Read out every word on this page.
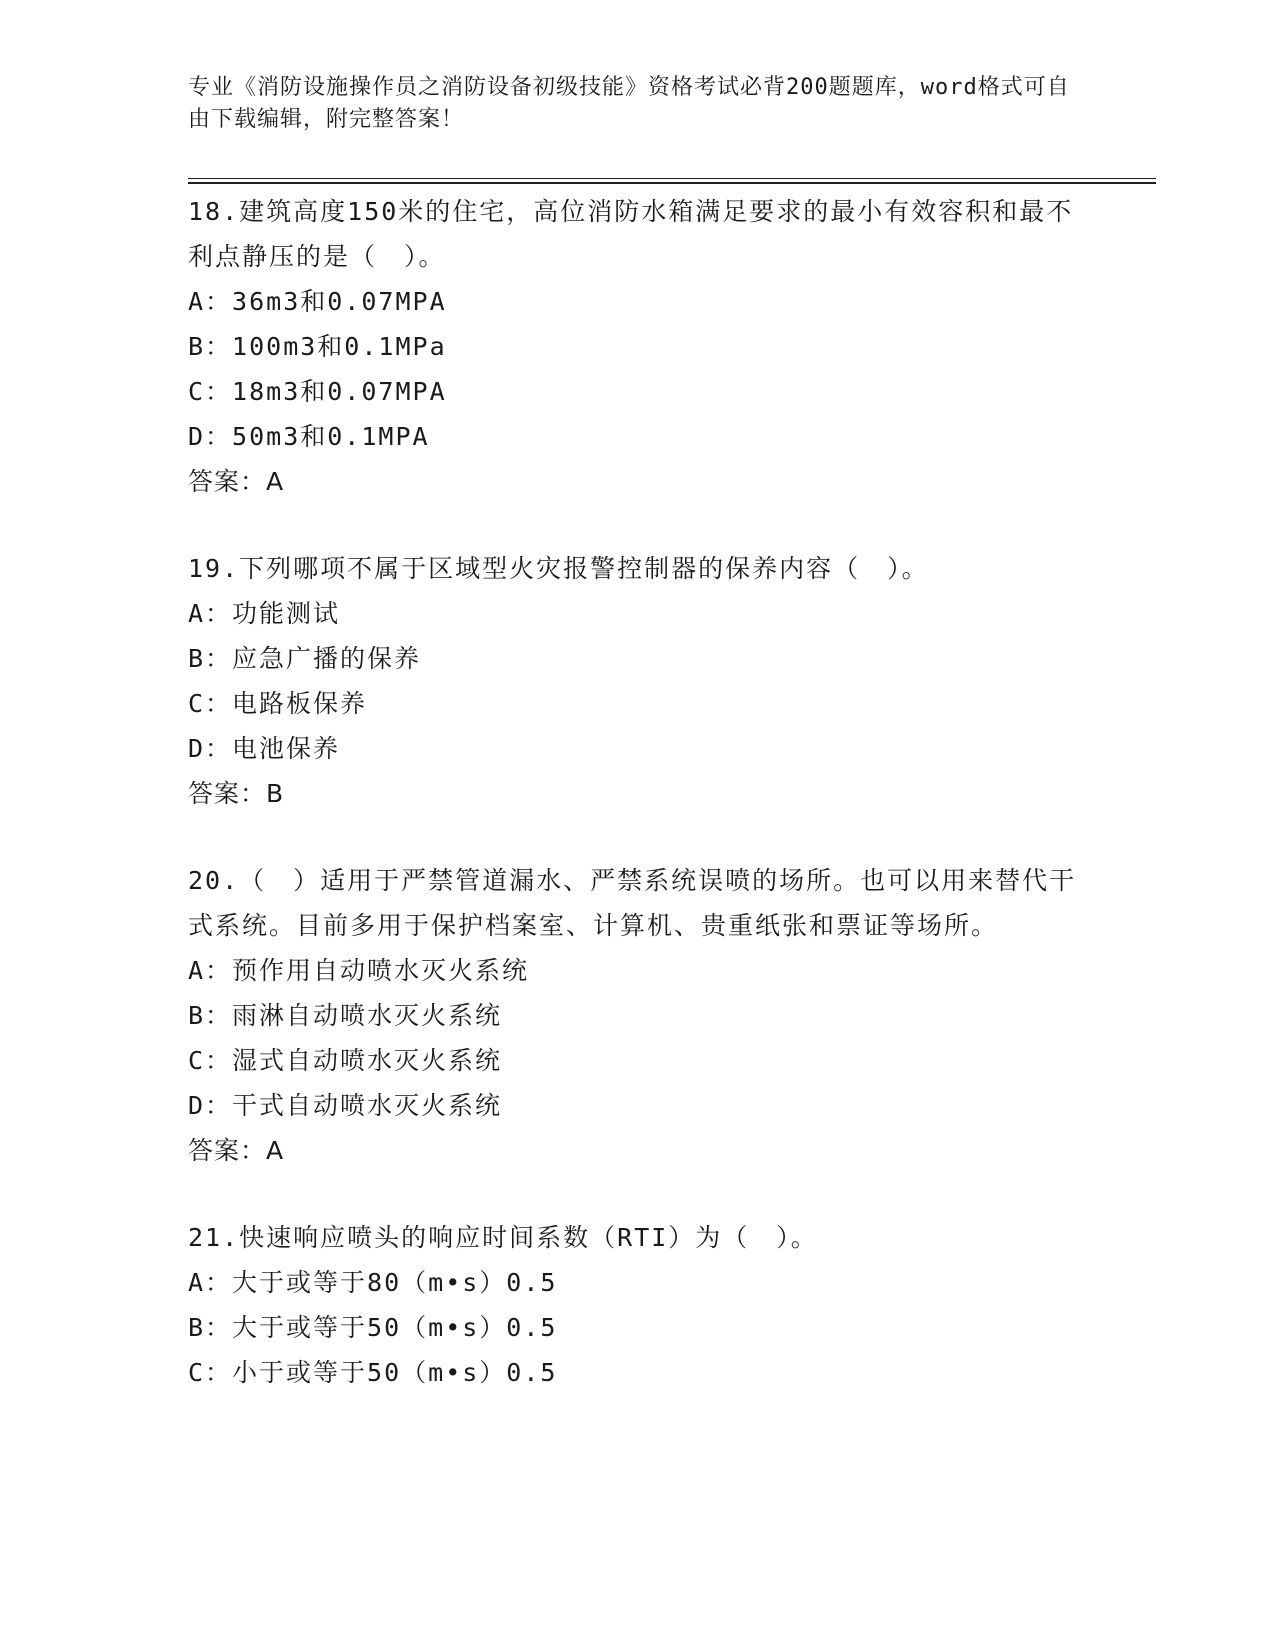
专业《消防设施操作员之消防设备初级技能》资格考试必背200题题库，word格式可自由下载编辑，附完整答案！

18.建筑高度150米的住宅，高位消防水箱满足要求的最小有效容积和最不利点静压的是（　）。

A：36m3和0.07MPA

B：100m3和0.1MPa

C：18m3和0.07MPA

D：50m3和0.1MPA

答案：A

19.下列哪项不属于区域型火灾报警控制器的保养内容（　）。

A：功能测试

B：应急广播的保养

C：电路板保养

D：电池保养

答案：B

20.（　）适用于严禁管道漏水、严禁系统误喷的场所。也可以用来替代干式系统。目前多用于保护档案室、计算机、贵重纸张和票证等场所。

A：预作用自动喷水灭火系统

B：雨淋自动喷水灭火系统

C：湿式自动喷水灭火系统

D：干式自动喷水灭火系统

答案：A

21.快速响应喷头的响应时间系数（RTI）为（　）。

A：大于或等于80（m•s）0.5

B：大于或等于50（m•s）0.5

C：小于或等于50（m•s）0.5
